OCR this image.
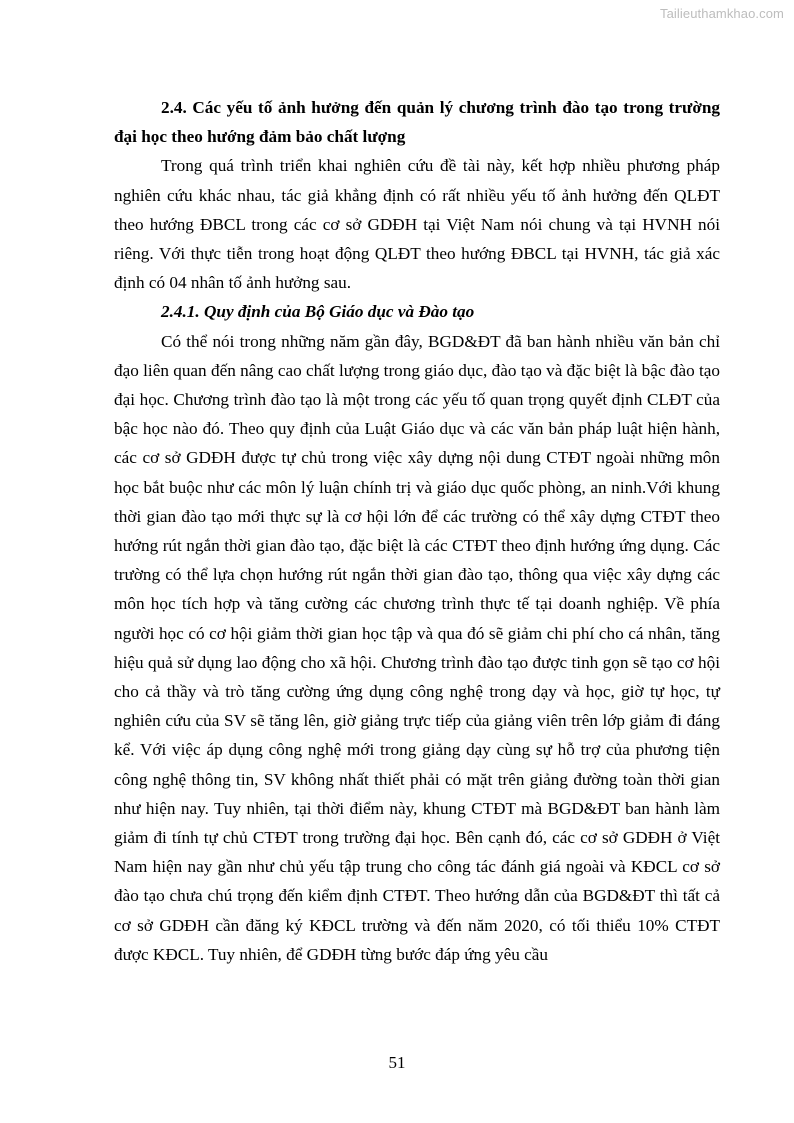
Tailieuthamkhao.com

2.4. Các yếu tố ảnh hưởng đến quản lý chương trình đào tạo trong trường đại học theo hướng đảm bảo chất lượng

Trong quá trình triển khai nghiên cứu đề tài này, kết hợp nhiều phương pháp nghiên cứu khác nhau, tác giả khẳng định có rất nhiều yếu tố ảnh hưởng đến QLĐT theo hướng ĐBCL trong các cơ sở GDĐH tại Việt Nam nói chung và tại HVNH nói riêng. Với thực tiễn trong hoạt động QLĐT theo hướng ĐBCL tại HVNH, tác giả xác định có 04 nhân tố ảnh hưởng sau.

2.4.1. Quy định của Bộ Giáo dục và Đào tạo

Có thể nói trong những năm gần đây, BGD&ĐT đã ban hành nhiều văn bản chỉ đạo liên quan đến nâng cao chất lượng trong giáo dục, đào tạo và đặc biệt là bậc đào tạo đại học. Chương trình đào tạo là một trong các yếu tố quan trọng quyết định CLĐT của bậc học nào đó. Theo quy định của Luật Giáo dục và các văn bản pháp luật hiện hành, các cơ sở GDĐH được tự chủ trong việc xây dựng nội dung CTĐT ngoài những môn học bắt buộc như các môn lý luận chính trị và giáo dục quốc phòng, an ninh.Với khung thời gian đào tạo mới thực sự là cơ hội lớn để các trường có thể xây dựng CTĐT theo hướng rút ngắn thời gian đào tạo, đặc biệt là các CTĐT theo định hướng ứng dụng. Các trường có thể lựa chọn hướng rút ngắn thời gian đào tạo, thông qua việc xây dựng các môn học tích hợp và tăng cường các chương trình thực tế tại doanh nghiệp. Về phía người học có cơ hội giảm thời gian học tập và qua đó sẽ giảm chi phí cho cá nhân, tăng hiệu quả sử dụng lao động cho xã hội. Chương trình đào tạo được tinh gọn sẽ tạo cơ hội cho cả thầy và trò tăng cường ứng dụng công nghệ trong dạy và học, giờ tự học, tự nghiên cứu của SV sẽ tăng lên, giờ giảng trực tiếp của giảng viên trên lớp giảm đi đáng kể. Với việc áp dụng công nghệ mới trong giảng dạy cùng sự hỗ trợ của phương tiện công nghệ thông tin, SV không nhất thiết phải có mặt trên giảng đường toàn thời gian như hiện nay. Tuy nhiên, tại thời điểm này, khung CTĐT mà BGD&ĐT ban hành làm giảm đi tính tự chủ CTĐT trong trường đại học. Bên cạnh đó, các cơ sở GDĐH ở Việt Nam hiện nay gần như chủ yếu tập trung cho công tác đánh giá ngoài và KĐCL cơ sở đào tạo chưa chú trọng đến kiểm định CTĐT. Theo hướng dẫn của BGD&ĐT thì tất cả cơ sở GDĐH cần đăng ký KĐCL trường và đến năm 2020, có tối thiểu 10% CTĐT được KĐCL. Tuy nhiên, để GDĐH từng bước đáp ứng yêu cầu

51
